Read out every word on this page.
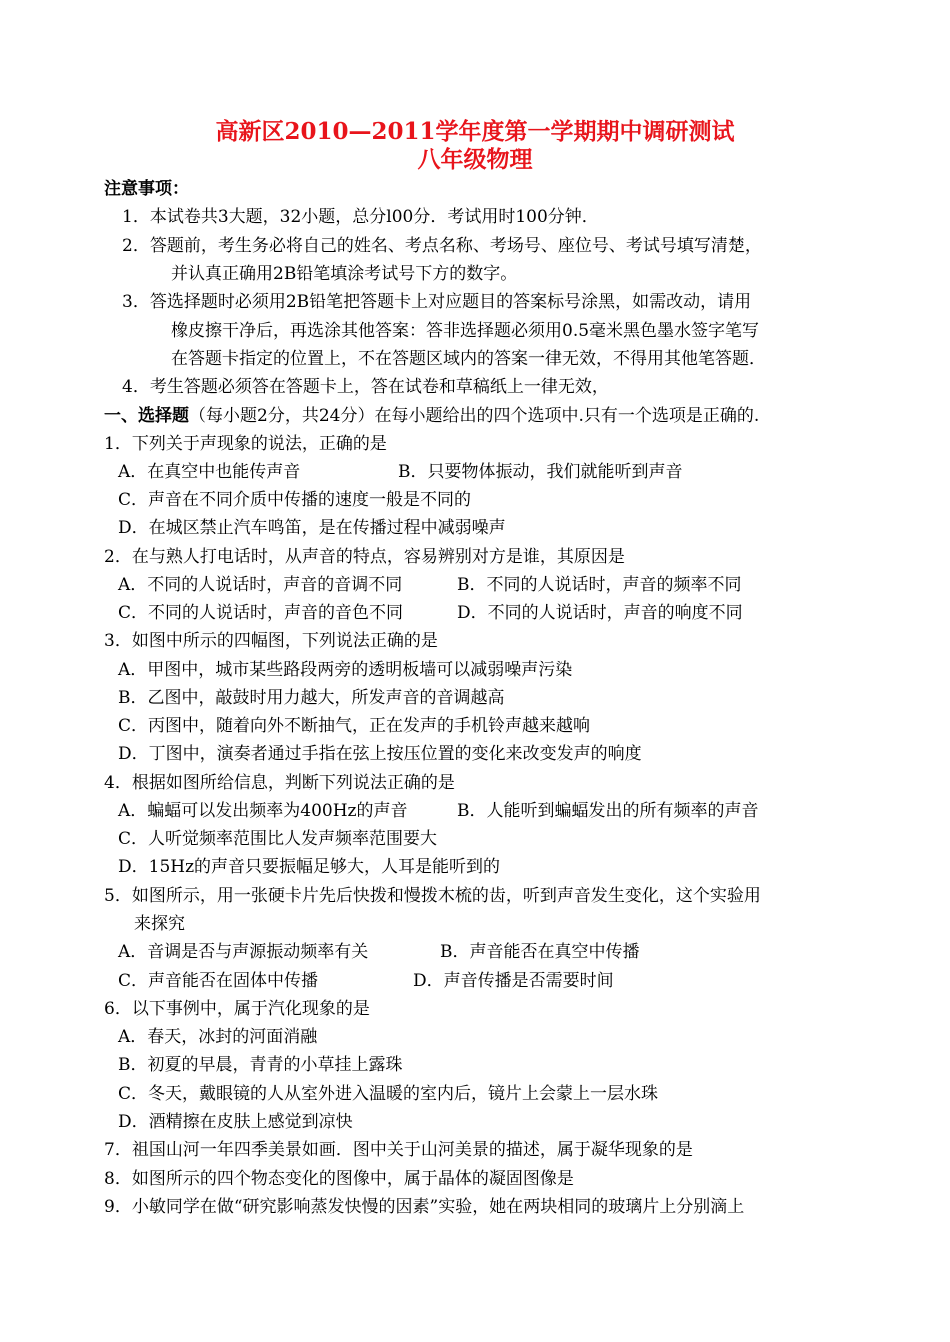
高新区2010—2011学年度第一学期期中调研测试
八年级物理
注意事项：
1．本试卷共3大题，32小题，总分l00分．考试用时100分钟．
2．答题前，考生务必将自己的姓名、考点名称、考场号、座位号、考试号填写清楚，
并认真正确用2B铅笔填涂考试号下方的数字。
3．答选择题时必须用2B铅笔把答题卡上对应题目的答案标号涂黑，如需改动，请用
橡皮擦干净后，再选涂其他答案：答非选择题必须用0.5毫米黑色墨水签字笔写
在答题卡指定的位置上，不在答题区域内的答案一律无效，不得用其他笔答题．
4．考生答题必须答在答题卡上，答在试卷和草稿纸上一律无效，
一、选择题（每小题2分，共24分）在每小题给出的四个选项中.只有一个选项是正确的.
1．下列关于声现象的说法，正确的是
A．在真空中也能传声音	B．只要物体振动，我们就能听到声音
C．声音在不同介质中传播的速度一般是不同的
D．在城区禁止汽车鸣笛，是在传播过程中减弱噪声
2．在与熟人打电话时，从声音的特点，容易辨别对方是谁，其原因是
A．不同的人说话时，声音的音调不同	B．不同的人说话时，声音的频率不同
C．不同的人说话时，声音的音色不同	D．不同的人说话时，声音的响度不同
3．如图中所示的四幅图，下列说法正确的是
A．甲图中，城市某些路段两旁的透明板墙可以减弱噪声污染
B．乙图中，敲鼓时用力越大，所发声音的音调越高
C．丙图中，随着向外不断抽气，正在发声的手机铃声越来越响
D．丁图中，演奏者通过手指在弦上按压位置的变化来改变发声的响度
4．根据如图所给信息，判断下列说法正确的是
A．蝙蝠可以发出频率为400Hz的声音	B．人能听到蝙蝠发出的所有频率的声音
C．人听觉频率范围比人发声频率范围要大
D．15Hz的声音只要振幅足够大，人耳是能听到的
5．如图所示，用一张硬卡片先后快拨和慢拨木梳的齿，听到声音发生变化，这个实验用
来探究
A．音调是否与声源振动频率有关	B．声音能否在真空中传播
C．声音能否在固体中传播	D．声音传播是否需要时间
6．以下事例中，属于汽化现象的是
A．春天，冰封的河面消融
B．初夏的早晨，青青的小草挂上露珠
C．冬天，戴眼镜的人从室外进入温暖的室内后，镜片上会蒙上一层水珠
D．酒精擦在皮肤上感觉到凉快
7．祖国山河一年四季美景如画．图中关于山河美景的描述，属于凝华现象的是
8．如图所示的四个物态变化的图像中，属于晶体的凝固图像是
9．小敏同学在做“研究影响蒸发快慢的因素”实验，她在两块相同的玻璃片上分别滴上
